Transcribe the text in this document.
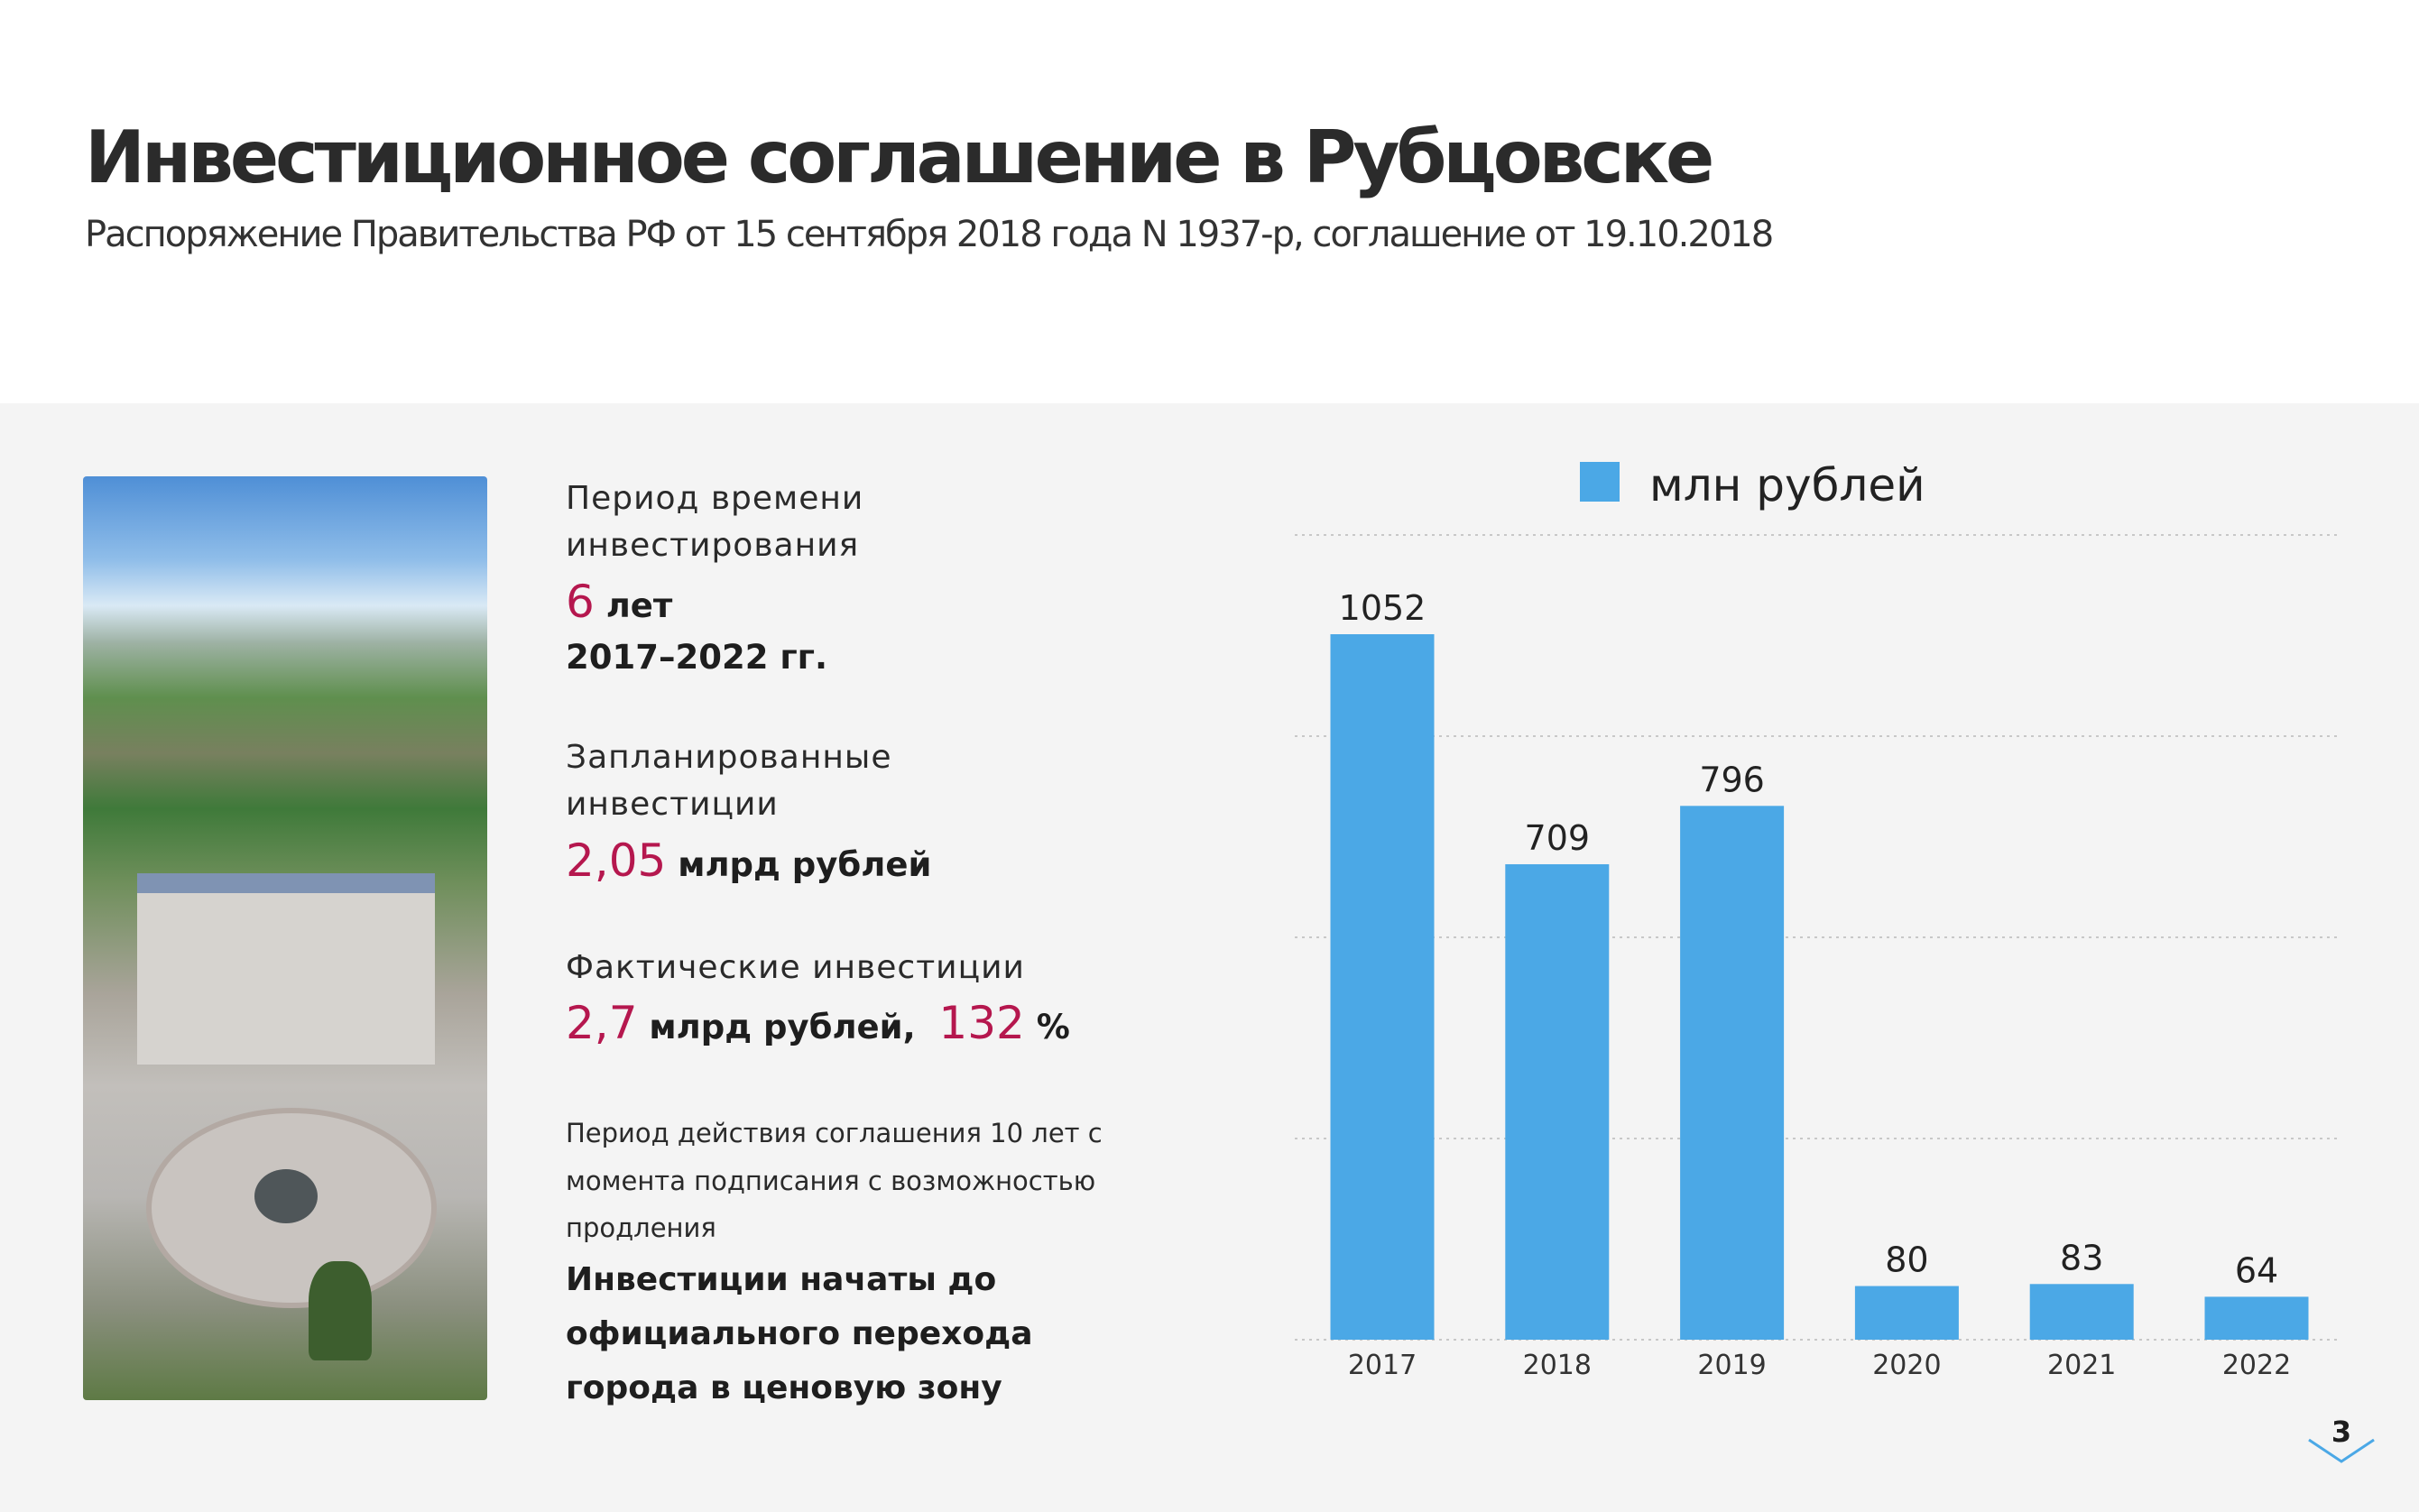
Инвестиционное соглашение в Рубцовске

Распоряжение Правительства РФ от 15 сентября 2018 года N 1937-р, соглашение от 19.10.2018

Период времени

инвестирования

6 лет

2017–2022 гг.

Запланированные

инвестиции

2,05 млрд рублей

Фактические инвестиции

2,7 млрд рублей, 132 %

Период действия соглашения 10 лет с

момента подписания с возможностью

продления

Инвестиции начаты до

официального перехода

города в ценовую зону

1052
709
796
80	83	64
2017	2018	2019	2020	2021	2022
млн рублей
3
